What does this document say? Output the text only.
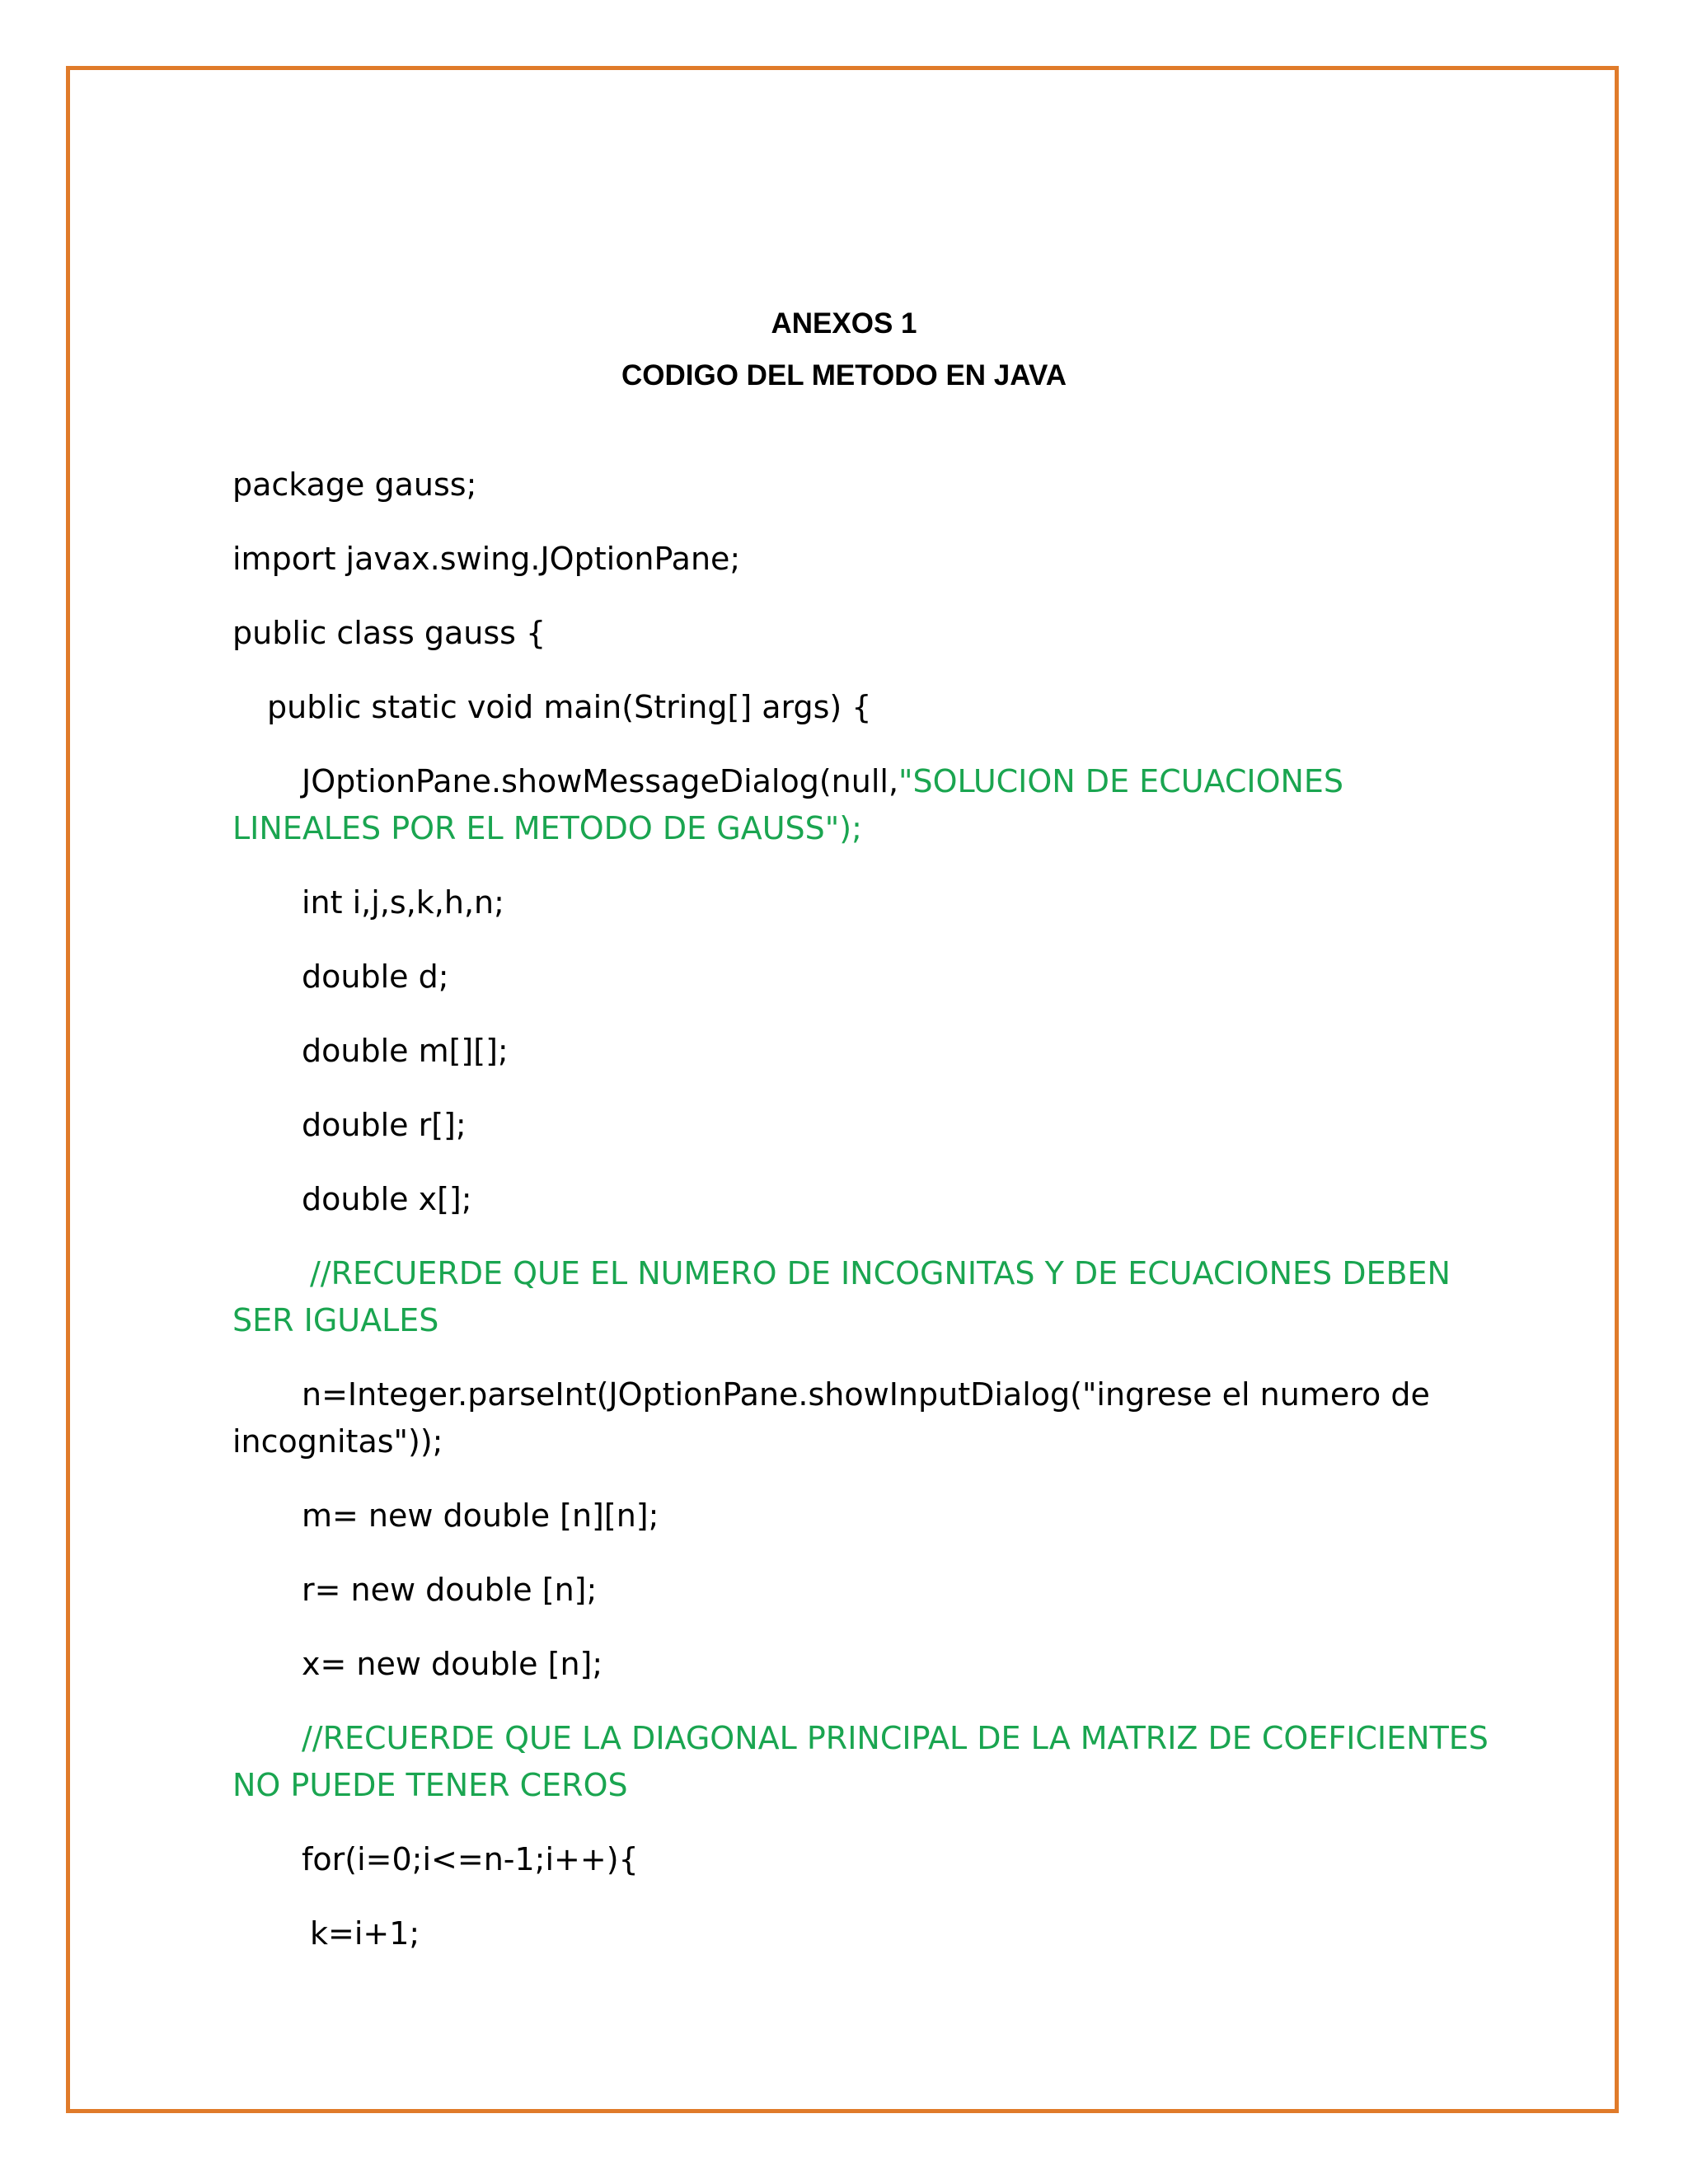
ANEXOS 1
CODIGO DEL METODO EN JAVA

package gauss;

import javax.swing.JOptionPane;

public class gauss {

public static void main(String[] args) {

JOptionPane.showMessageDialog(null,"SOLUCION DE ECUACIONES

LINEALES POR EL METODO DE GAUSS");

int i,j,s,k,h,n;

double d;

double m[][];

double r[];

double x[];

//RECUERDE QUE EL NUMERO DE INCOGNITAS Y DE ECUACIONES DEBEN

SER IGUALES

n=Integer.parseInt(JOptionPane.showInputDialog("ingrese el numero de

incognitas"));

m= new double [n][n];

r= new double [n];

x= new double [n];

//RECUERDE QUE LA DIAGONAL PRINCIPAL DE LA MATRIZ DE COEFICIENTES

NO PUEDE TENER CEROS

for(i=0;i<=n-1;i++){

k=i+1;
